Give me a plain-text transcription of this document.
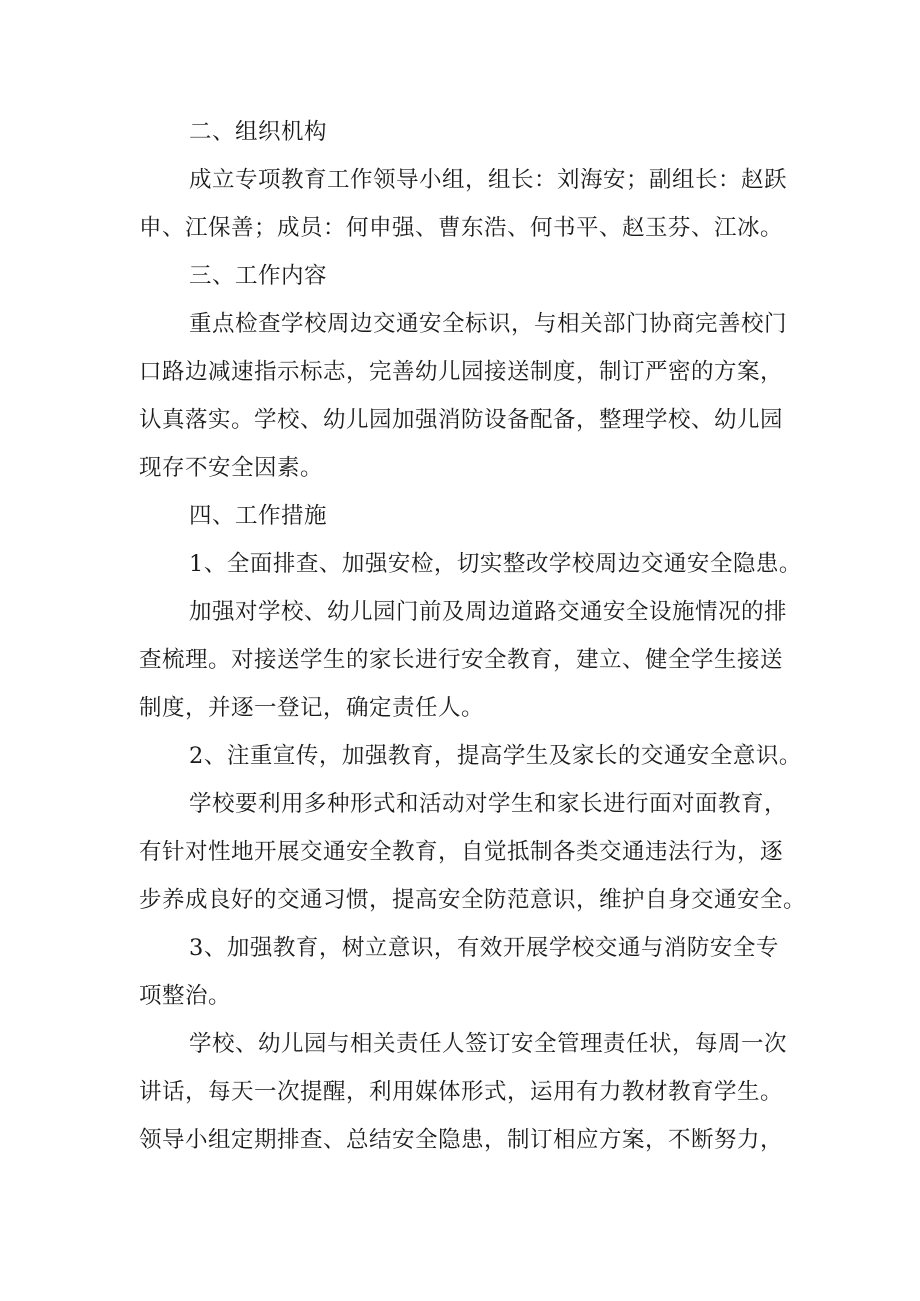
二、组织机构
成立专项教育工作领导小组，组长：刘海安；副组长：赵跃
申、江保善；成员：何申强、曹东浩、何书平、赵玉芬、江冰。
三、工作内容
重点检查学校周边交通安全标识，与相关部门协商完善校门
口路边减速指示标志，完善幼儿园接送制度，制订严密的方案，
认真落实。学校、幼儿园加强消防设备配备，整理学校、幼儿园
现存不安全因素。
四、工作措施
1、全面排查、加强安检，切实整改学校周边交通安全隐患。
加强对学校、幼儿园门前及周边道路交通安全设施情况的排
查梳理。对接送学生的家长进行安全教育，建立、健全学生接送
制度，并逐一登记，确定责任人。
2、注重宣传，加强教育，提高学生及家长的交通安全意识。
学校要利用多种形式和活动对学生和家长进行面对面教育，
有针对性地开展交通安全教育，自觉抵制各类交通违法行为，逐
步养成良好的交通习惯，提高安全防范意识，维护自身交通安全。
3、加强教育，树立意识，有效开展学校交通与消防安全专
项整治。
学校、幼儿园与相关责任人签订安全管理责任状，每周一次
讲话，每天一次提醒，利用媒体形式，运用有力教材教育学生。
领导小组定期排查、总结安全隐患，制订相应方案，不断努力，
